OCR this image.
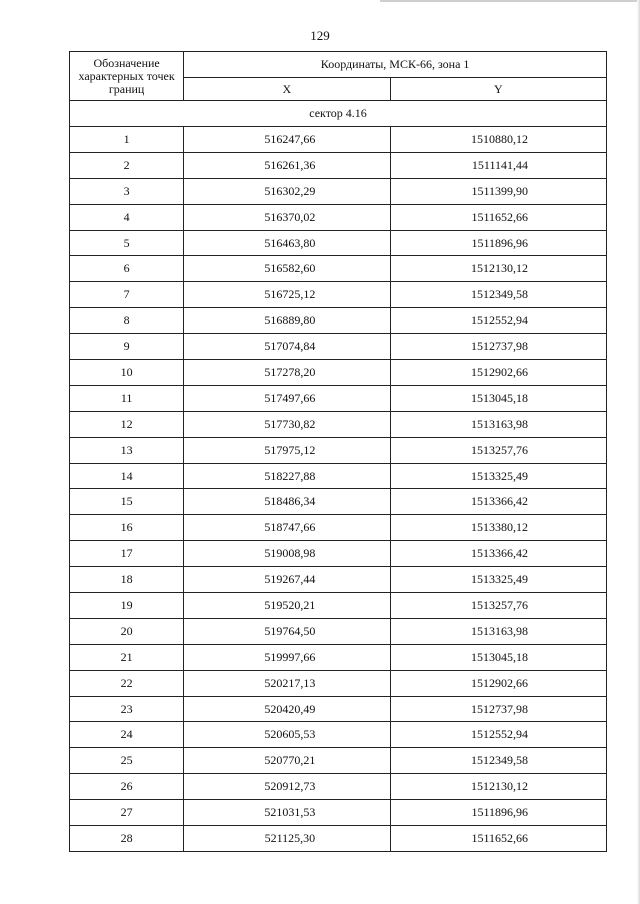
129
Обозначение характерных точек границ	Координаты, МСК-66, зона 1	
	X	Y
сектор 4.16		
1	516247,66	1510880,12
2	516261,36	1511141,44
3	516302,29	1511399,90
4	516370,02	1511652,66
5	516463,80	1511896,96
6	516582,60	1512130,12
7	516725,12	1512349,58
8	516889,80	1512552,94
9	517074,84	1512737,98
10	517278,20	1512902,66
11	517497,66	1513045,18
12	517730,82	1513163,98
13	517975,12	1513257,76
14	518227,88	1513325,49
15	518486,34	1513366,42
16	518747,66	1513380,12
17	519008,98	1513366,42
18	519267,44	1513325,49
19	519520,21	1513257,76
20	519764,50	1513163,98
21	519997,66	1513045,18
22	520217,13	1512902,66
23	520420,49	1512737,98
24	520605,53	1512552,94
25	520770,21	1512349,58
26	520912,73	1512130,12
27	521031,53	1511896,96
28	521125,30	1511652,66
